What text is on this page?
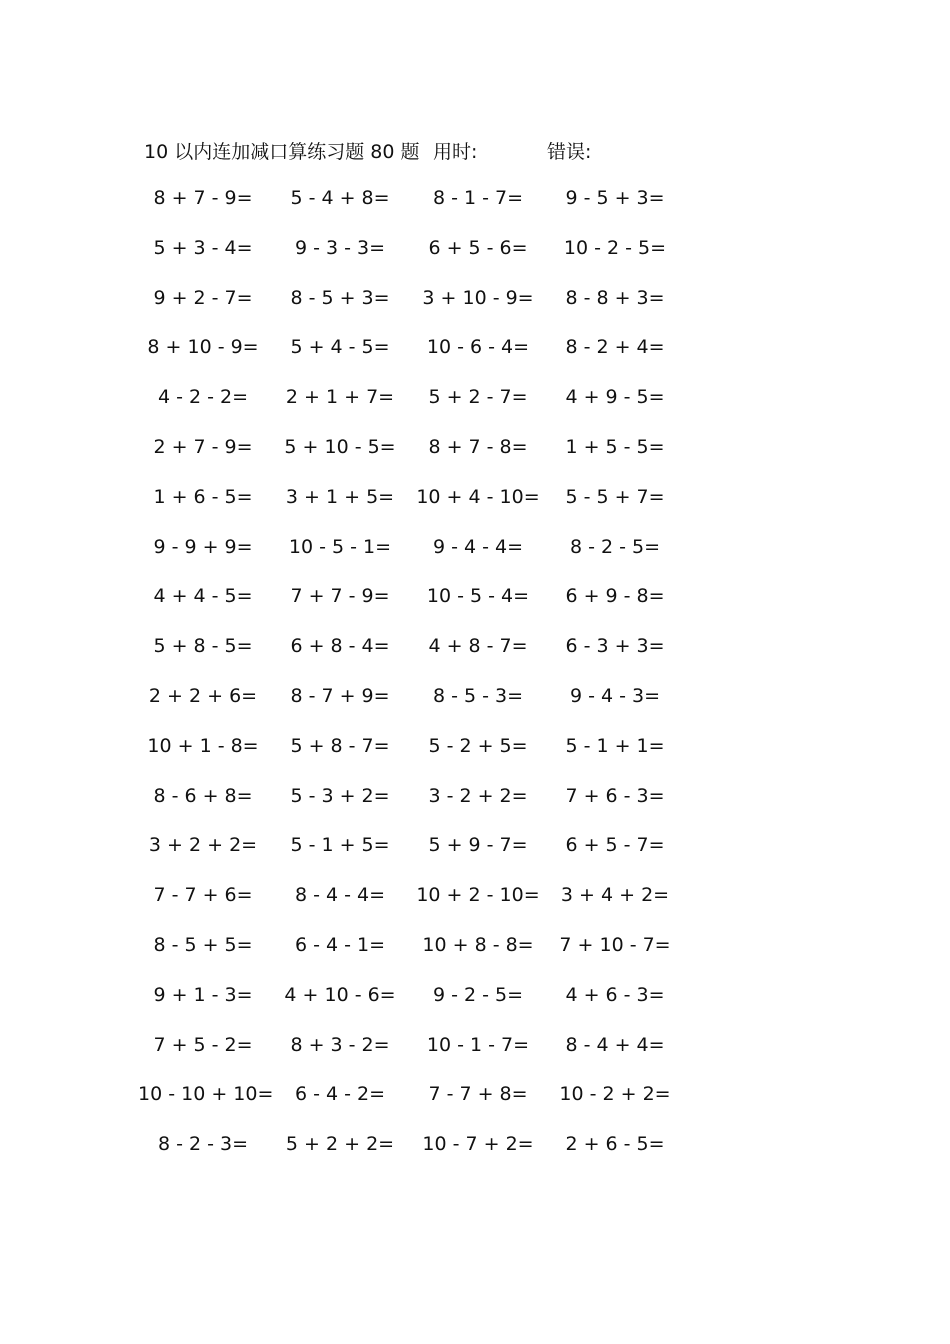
10 以内连加减口算练习题 80 题 用时:	错误:
8 + 7 - 9=	5 - 4 + 8=	8 - 1 - 7=	9 - 5 + 3=
5 + 3 - 4=	9 - 3 - 3=	6 + 5 - 6=	10 - 2 - 5=
9 + 2 - 7=	8 - 5 + 3=	3 + 10 - 9=	8 - 8 + 3=
8 + 10 - 9=	5 + 4 - 5=	10 - 6 - 4=	8 - 2 + 4=
4 - 2 - 2=	2 + 1 + 7=	5 + 2 - 7=	4 + 9 - 5=
2 + 7 - 9=	5 + 10 - 5=	8 + 7 - 8=	1 + 5 - 5=
1 + 6 - 5=	3 + 1 + 5=	10 + 4 - 10=	5 - 5 + 7=
9 - 9 + 9=	10 - 5 - 1=	9 - 4 - 4=	8 - 2 - 5=
4 + 4 - 5=	7 + 7 - 9=	10 - 5 - 4=	6 + 9 - 8=
5 + 8 - 5=	6 + 8 - 4=	4 + 8 - 7=	6 - 3 + 3=
2 + 2 + 6=	8 - 7 + 9=	8 - 5 - 3=	9 - 4 - 3=
10 + 1 - 8=	5 + 8 - 7=	5 - 2 + 5=	5 - 1 + 1=
8 - 6 + 8=	5 - 3 + 2=	3 - 2 + 2=	7 + 6 - 3=
3 + 2 + 2=	5 - 1 + 5=	5 + 9 - 7=	6 + 5 - 7=
7 - 7 + 6=	8 - 4 - 4=	10 + 2 - 10=	3 + 4 + 2=
8 - 5 + 5=	6 - 4 - 1=	10 + 8 - 8=	7 + 10 - 7=
9 + 1 - 3=	4 + 10 - 6=	9 - 2 - 5=	4 + 6 - 3=
7 + 5 - 2=	8 + 3 - 2=	10 - 1 - 7=	8 - 4 + 4=
10 - 10 + 10=	6 - 4 - 2=	7 - 7 + 8=	10 - 2 + 2=
8 - 2 - 3=	5 + 2 + 2=	10 - 7 + 2=	2 + 6 - 5=
